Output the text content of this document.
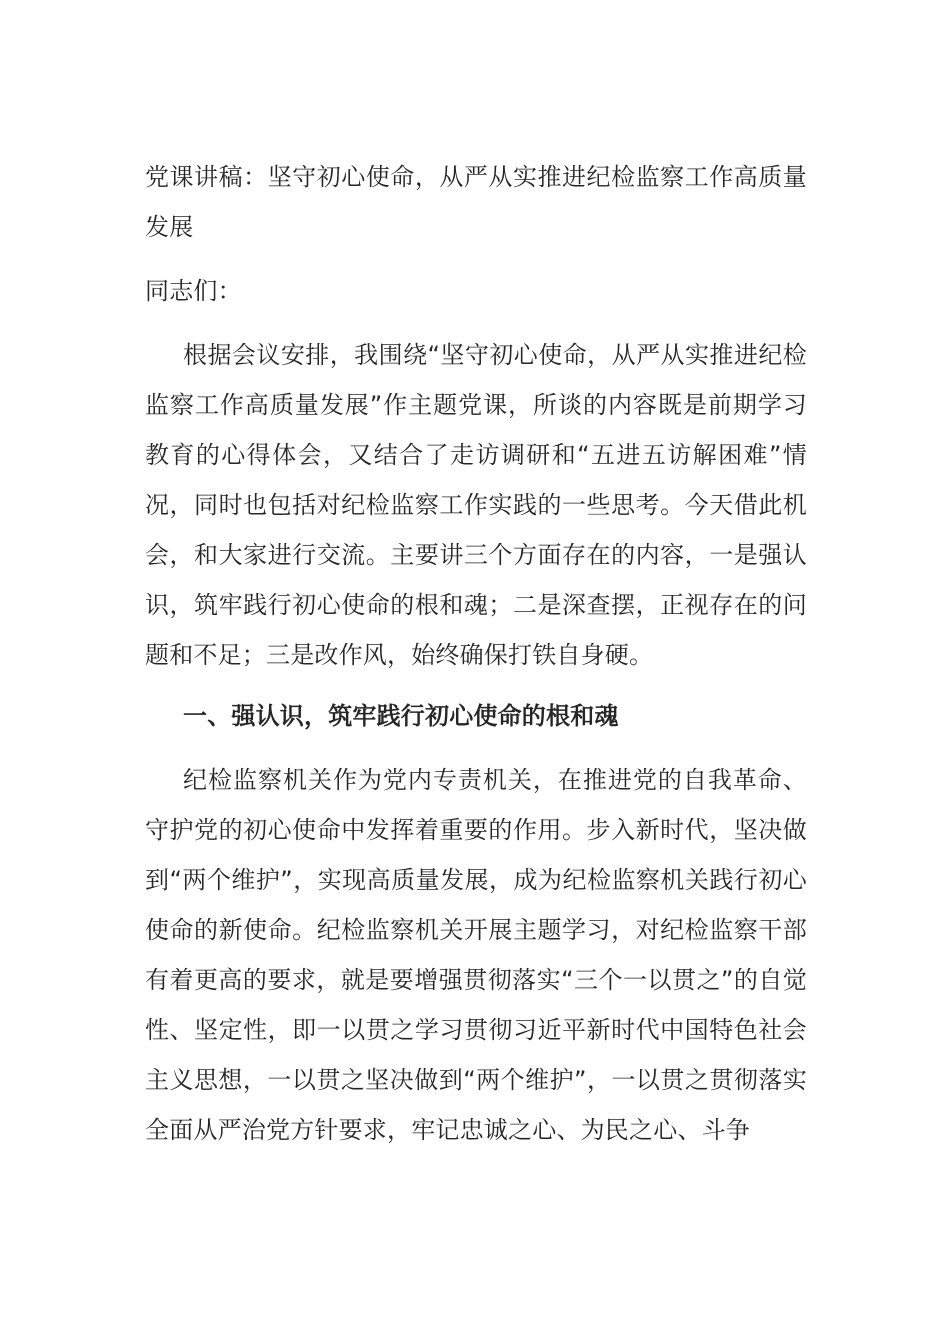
党课讲稿：坚守初心使命，从严从实推进纪检监察工作高质量发展

同志们：

根据会议安排，我围绕“坚守初心使命，从严从实推进纪检监察工作高质量发展”作主题党课，所谈的内容既是前期学习教育的心得体会，又结合了走访调研和“五进五访解困难”情况，同时也包括对纪检监察工作实践的一些思考。今天借此机会，和大家进行交流。主要讲三个方面存在的内容，一是强认识，筑牢践行初心使命的根和魂；二是深查摆，正视存在的问题和不足；三是改作风，始终确保打铁自身硬。

一、强认识，筑牢践行初心使命的根和魂

纪检监察机关作为党内专责机关，在推进党的自我革命、守护党的初心使命中发挥着重要的作用。步入新时代，坚决做到“两个维护”，实现高质量发展，成为纪检监察机关践行初心使命的新使命。纪检监察机关开展主题学习，对纪检监察干部有着更高的要求，就是要增强贯彻落实“三个一以贯之”的自觉性、坚定性，即一以贯之学习贯彻习近平新时代中国特色社会主义思想，一以贯之坚决做到“两个维护”，一以贯之贯彻落实全面从严治党方针要求，牢记忠诚之心、为民之心、斗争
